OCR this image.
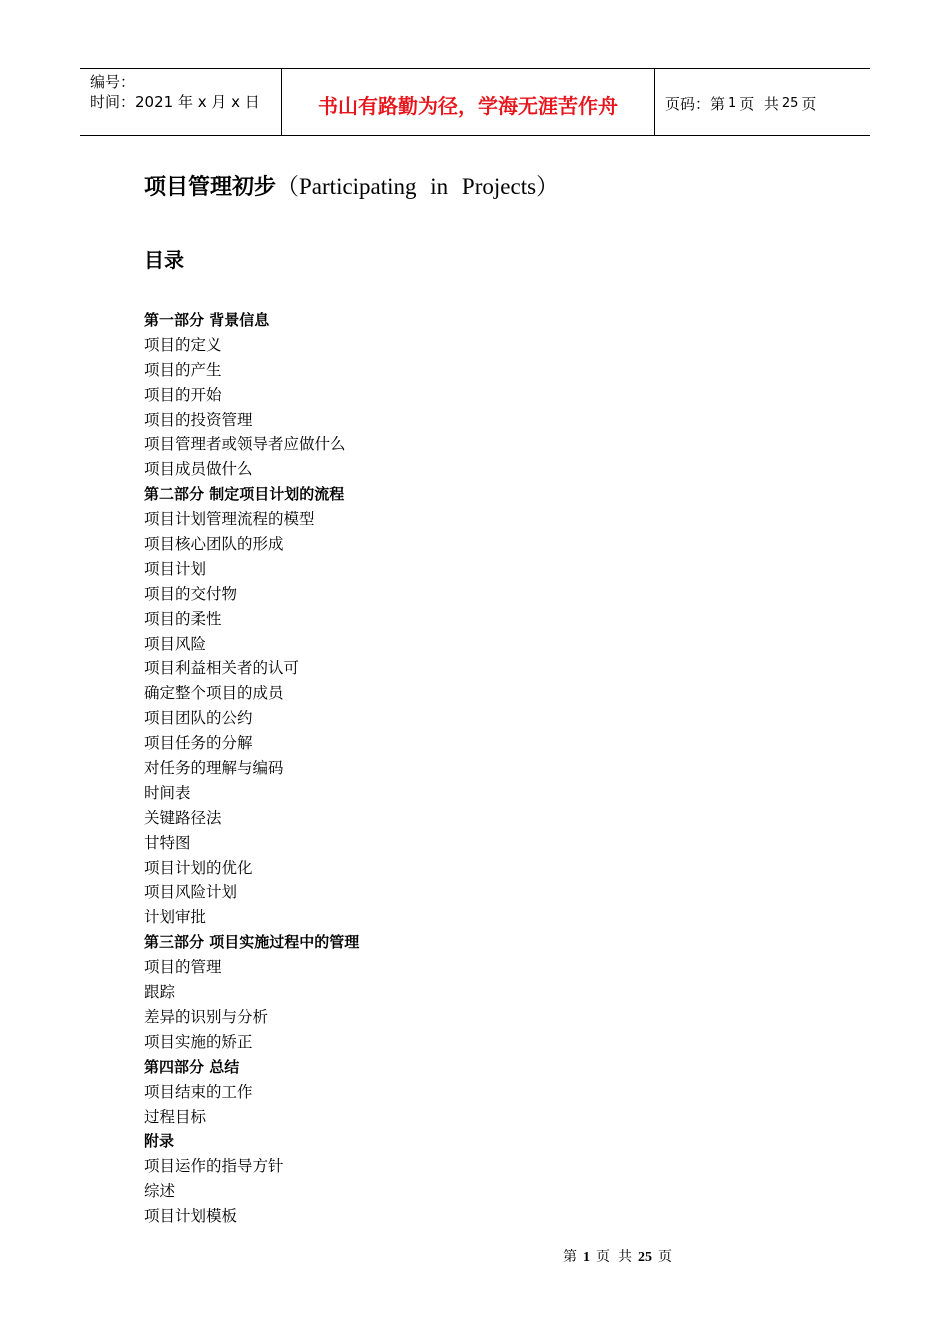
编号：
时间：2021 年 x 月 x 日	书山有路勤为径，学海无涯苦作舟	页码：第 1 页  共 25 页
项目管理初步（Participating in Projects）
目录
第一部分 背景信息
项目的定义
项目的产生
项目的开始
项目的投资管理
项目管理者或领导者应做什么
项目成员做什么
第二部分 制定项目计划的流程
项目计划管理流程的模型
项目核心团队的形成
项目计划
项目的交付物
项目的柔性
项目风险
项目利益相关者的认可
确定整个项目的成员
项目团队的公约
项目任务的分解
对任务的理解与编码
时间表
关键路径法
甘特图
项目计划的优化
项目风险计划
计划审批
第三部分 项目实施过程中的管理
项目的管理
跟踪
差异的识别与分析
项目实施的矫正
第四部分 总结
项目结束的工作
过程目标
附录
项目运作的指导方针
综述
项目计划模板
第 1 页 共 25 页
